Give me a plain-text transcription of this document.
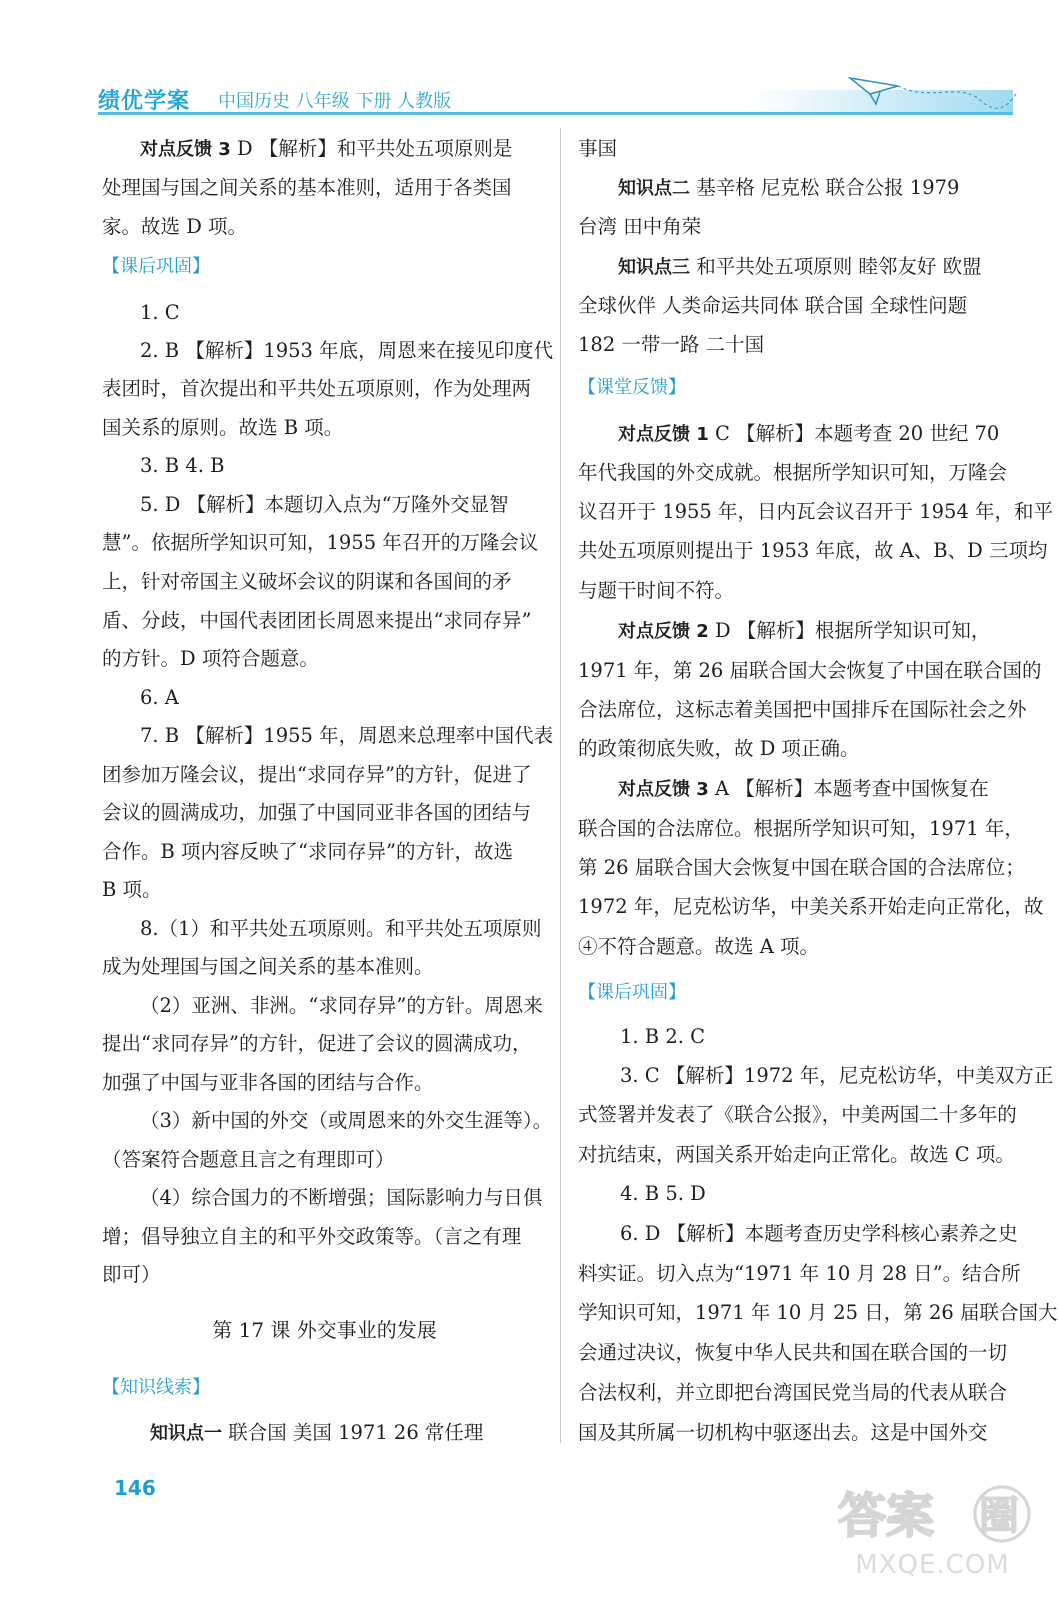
绩优学案 中国历史 八年级 下册 人教版
对点反馈 3 D 【解析】和平共处五项原则是
处理国与国之间关系的基本准则，适用于各类国
家。故选 D 项。
【课后巩固】
1. C
2. B 【解析】1953 年底，周恩来在接见印度代
表团时，首次提出和平共处五项原则，作为处理两
国关系的原则。故选 B 项。
3. B 4. B
5. D 【解析】本题切入点为“万隆外交显智
慧”。依据所学知识可知，1955 年召开的万隆会议
上，针对帝国主义破坏会议的阴谋和各国间的矛
盾、分歧，中国代表团团长周恩来提出“求同存异”
的方针。D 项符合题意。
6. A
7. B 【解析】1955 年，周恩来总理率中国代表
团参加万隆会议，提出“求同存异”的方针，促进了
会议的圆满成功，加强了中国同亚非各国的团结与
合作。B 项内容反映了“求同存异”的方针，故选
B 项。
8.（1）和平共处五项原则。和平共处五项原则
成为处理国与国之间关系的基本准则。
（2）亚洲、非洲。“求同存异”的方针。周恩来
提出“求同存异”的方针，促进了会议的圆满成功，
加强了中国与亚非各国的团结与合作。
（3）新中国的外交（或周恩来的外交生涯等）。
（答案符合题意且言之有理即可）
（4）综合国力的不断增强；国际影响力与日俱
增；倡导独立自主的和平外交政策等。（言之有理
即可）
第 17 课 外交事业的发展
【知识线索】
知识点一 联合国 美国 1971 26 常任理
事国
知识点二 基辛格 尼克松 联合公报 1979
台湾 田中角荣
知识点三 和平共处五项原则 睦邻友好 欧盟
全球伙伴 人类命运共同体 联合国 全球性问题
182 一带一路 二十国
【课堂反馈】
对点反馈 1 C 【解析】本题考查 20 世纪 70
年代我国的外交成就。根据所学知识可知，万隆会
议召开于 1955 年，日内瓦会议召开于 1954 年，和平
共处五项原则提出于 1953 年底，故 A、B、D 三项均
与题干时间不符。
对点反馈 2 D 【解析】根据所学知识可知，
1971 年，第 26 届联合国大会恢复了中国在联合国的
合法席位，这标志着美国把中国排斥在国际社会之外
的政策彻底失败，故 D 项正确。
对点反馈 3 A 【解析】本题考查中国恢复在
联合国的合法席位。根据所学知识可知，1971 年，
第 26 届联合国大会恢复中国在联合国的合法席位；
1972 年，尼克松访华，中美关系开始走向正常化，故
④不符合题意。故选 A 项。
【课后巩固】
1. B 2. C
3. C 【解析】1972 年，尼克松访华，中美双方正
式签署并发表了《联合公报》，中美两国二十多年的
对抗结束，两国关系开始走向正常化。故选 C 项。
4. B 5. D
6. D 【解析】本题考查历史学科核心素养之史
料实证。切入点为“1971 年 10 月 28 日”。结合所
学知识可知，1971 年 10 月 25 日，第 26 届联合国大
会通过决议，恢复中华人民共和国在联合国的一切
合法权利，并立即把台湾国民党当局的代表从联合
国及其所属一切机构中驱逐出去。这是中国外交
146	答案 圈
MXQE.COM
